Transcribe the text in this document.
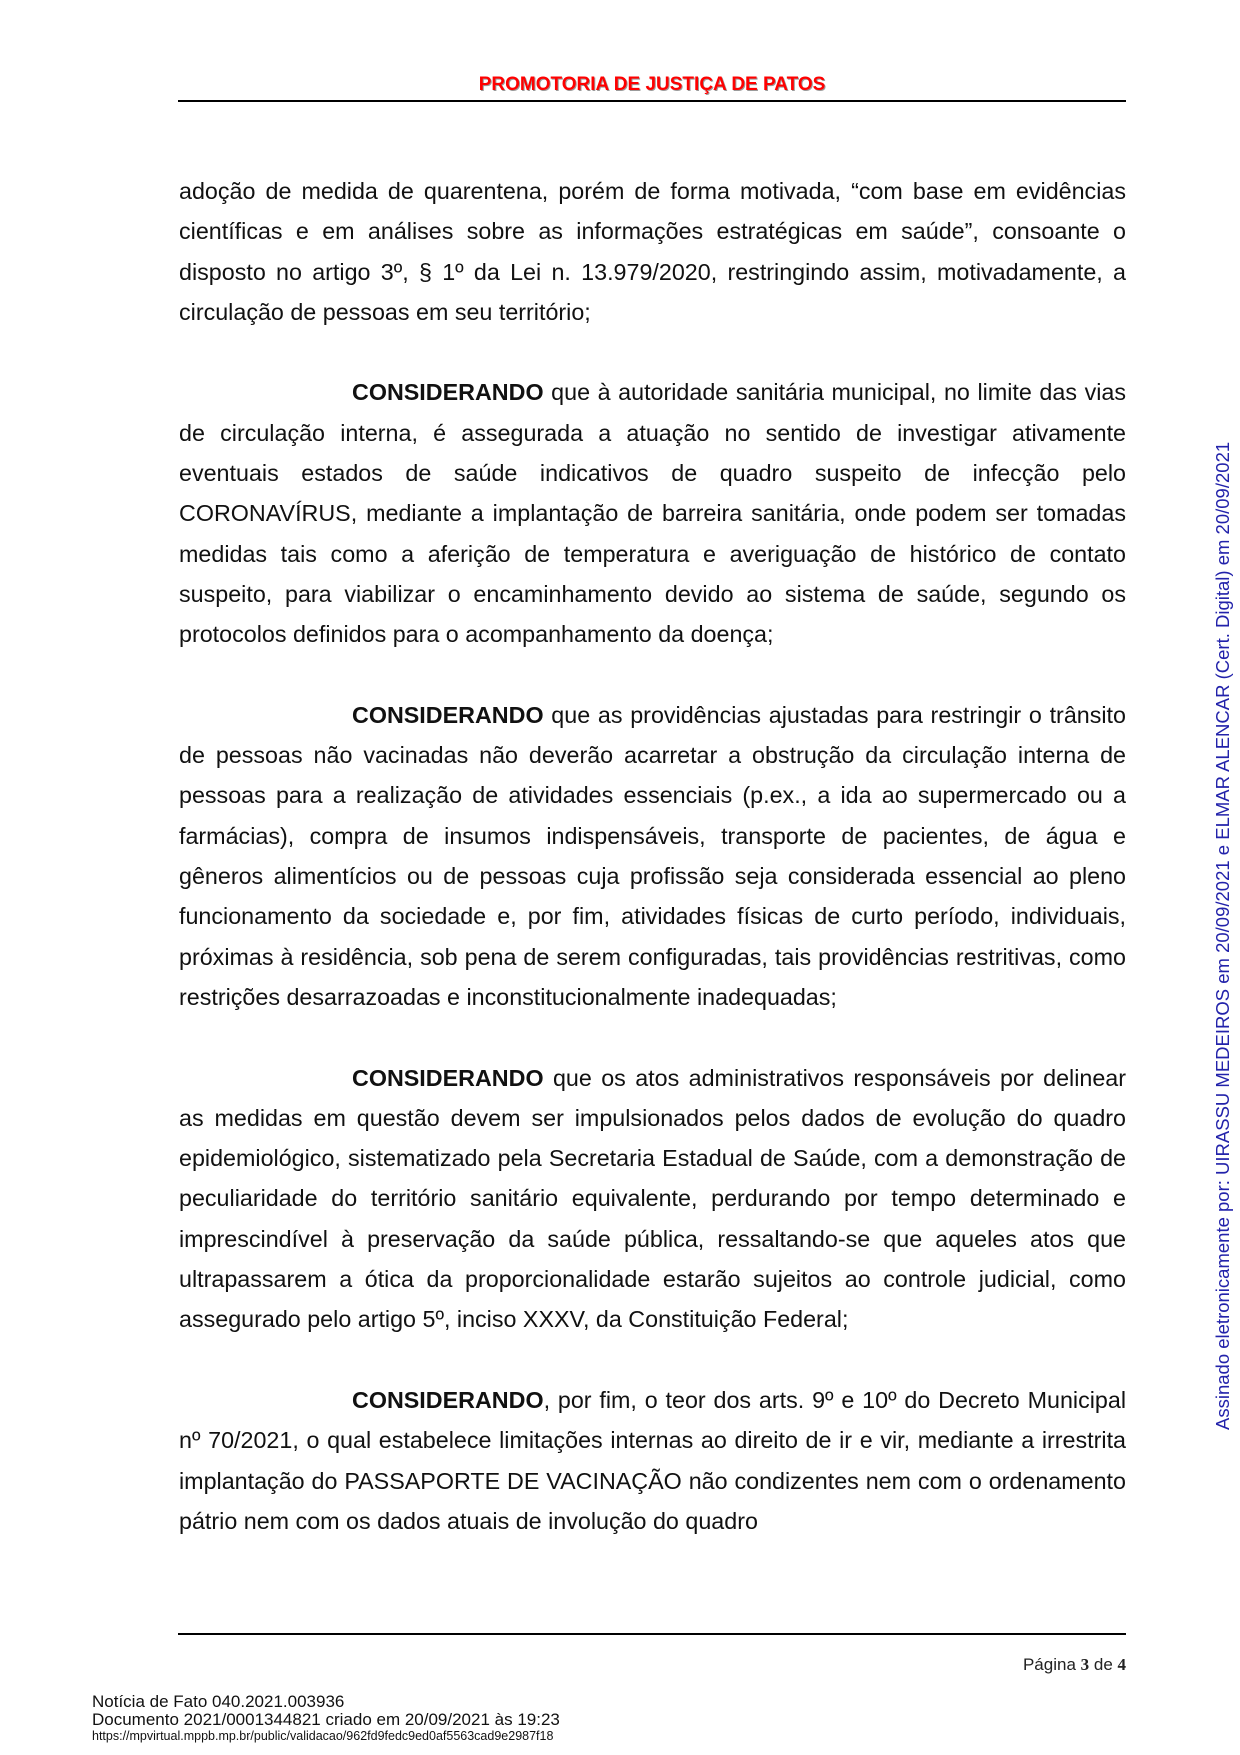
PROMOTORIA DE JUSTIÇA DE PATOS

adoção de medida de quarentena, porém de forma motivada, “com base em evidências científicas e em análises sobre as informações estratégicas em saúde”, consoante o disposto no artigo 3º, § 1º da Lei n. 13.979/2020, restringindo assim, motivadamente, a circulação de pessoas em seu território;

CONSIDERANDO que à autoridade sanitária municipal, no limite das vias de circulação interna, é assegurada a atuação no sentido de investigar ativamente eventuais estados de saúde indicativos de quadro suspeito de infecção pelo CORONAVÍRUS, mediante a implantação de barreira sanitária, onde podem ser tomadas medidas tais como a aferição de temperatura e averiguação de histórico de contato suspeito, para viabilizar o encaminhamento devido ao sistema de saúde, segundo os protocolos definidos para o acompanhamento da doença;

CONSIDERANDO que as providências ajustadas para restringir o trânsito de pessoas não vacinadas não deverão acarretar a obstrução da circulação interna de pessoas para a realização de atividades essenciais (p.ex., a ida ao supermercado ou a farmácias), compra de insumos indispensáveis, transporte de pacientes, de água e gêneros alimentícios ou de pessoas cuja profissão seja considerada essencial ao pleno funcionamento da sociedade e, por fim, atividades físicas de curto período, individuais, próximas à residência, sob pena de serem configuradas, tais providências restritivas, como restrições desarrazoadas e inconstitucionalmente inadequadas;

CONSIDERANDO que os atos administrativos responsáveis por delinear as medidas em questão devem ser impulsionados pelos dados de evolução do quadro epidemiológico, sistematizado pela Secretaria Estadual de Saúde, com a demonstração de peculiaridade do território sanitário equivalente, perdurando por tempo determinado e imprescindível à preservação da saúde pública, ressaltando-se que aqueles atos que ultrapassarem a ótica da proporcionalidade estarão sujeitos ao controle judicial, como assegurado pelo artigo 5º, inciso XXXV, da Constituição Federal;

CONSIDERANDO, por fim, o teor dos arts. 9º e 10º do Decreto Municipal nº 70/2021, o qual estabelece limitações internas ao direito de ir e vir, mediante a irrestrita implantação do PASSAPORTE DE VACINAÇÃO não condizentes nem com o ordenamento pátrio nem com os dados atuais de involução do quadro

Página 3 de 4
Notícia de Fato 040.2021.003936
Documento 2021/0001344821 criado em 20/09/2021 às 19:23
https://mpvirtual.mppb.mp.br/public/validacao/962fd9fedc9ed0af5563cad9e2987f18
Assinado eletronicamente por: UIRASSU MEDEIROS em 20/09/2021 e ELMAR ALENCAR (Cert. Digital) em 20/09/2021
